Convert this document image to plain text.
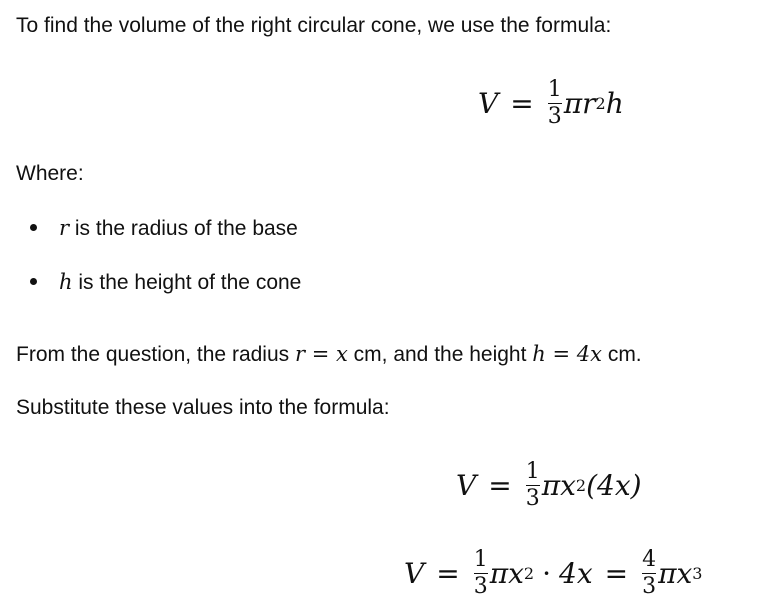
To find the volume of the right circular cone, we use the formula:
$V = \frac{1}{3}$ πr 2 h
Where:
r is the radius of the base
h is the height of the cone
From the question, the radius r = x cm, and the height h = 4x cm.
Substitute these values into the formula:
$V = \frac{1}{3}$ πx 2 (4x)
$V = \frac{1}{3}$ πx $2 \cdot 4x = \frac{4}{3}$ πx 3
